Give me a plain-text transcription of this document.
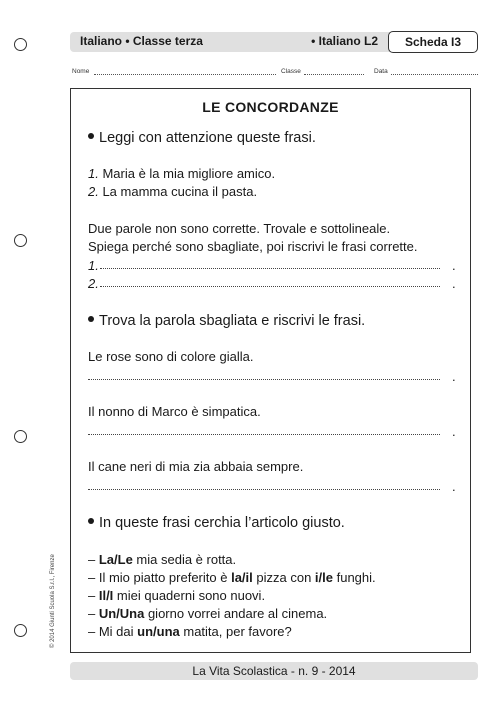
Italiano • Classe terza	• Italiano L2	Scheda I3
Nome	Classe	Data
LE CONCORDANZE
Leggi con attenzione queste frasi.
1. Maria è la mia migliore amico.
2. La mamma cucina il pasta.
Due parole non sono corrette. Trovale e sottolineale.
Spiega perché sono sbagliate, poi riscrivi le frasi corrette.
1.	.
2.	.
Trova la parola sbagliata e riscrivi le frasi.
Le rose sono di colore gialla.
.
Il nonno di Marco è simpatica.
.
Il cane neri di mia zia abbaia sempre.
.
In queste frasi cerchia l’articolo giusto.
– La/Le mia sedia è rotta.
– Il mio piatto preferito è la/il pizza con i/le funghi.
– Il/I miei quaderni sono nuovi.
– Un/Una giorno vorrei andare al cinema.
– Mi dai un/una matita, per favore?
© 2014 Giunti Scuola S.r.l., Firenze
La Vita Scolastica - n. 9 - 2014
